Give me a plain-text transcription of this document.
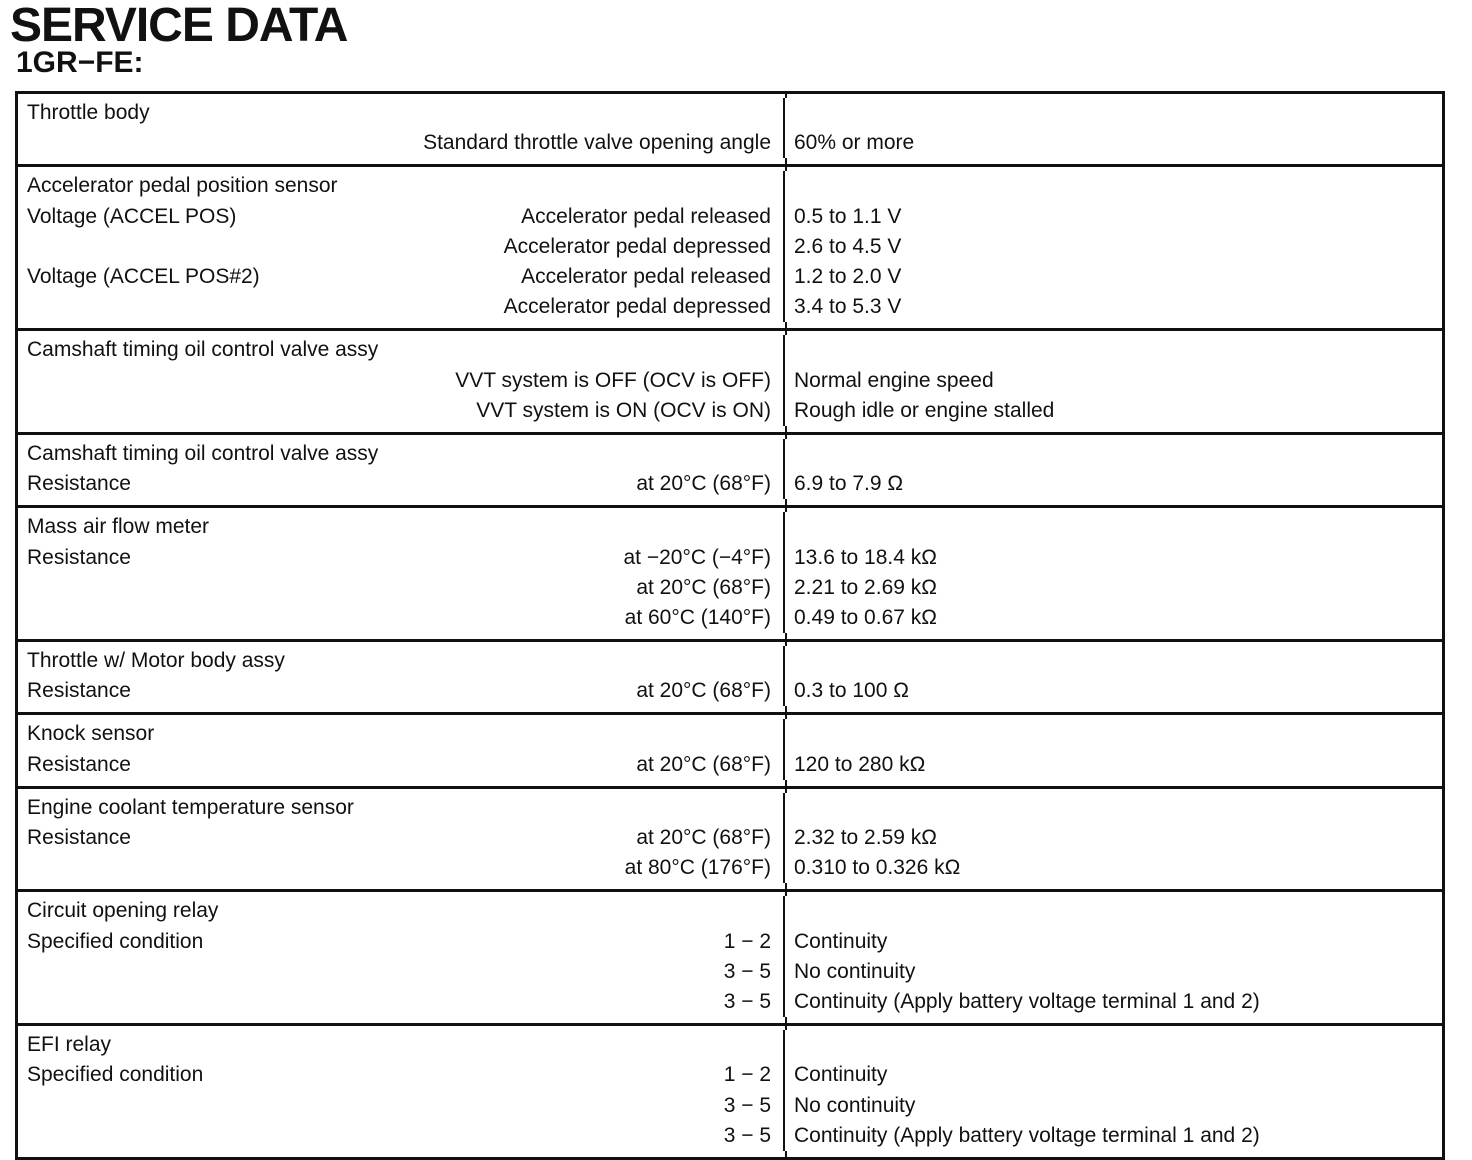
SERVICE DATA
1GR−FE:
Throttle body
Standard throttle valve opening angle 60% or more
Accelerator pedal position sensor
Voltage (ACCEL POS)	Accelerator pedal released 0.5 to 1.1 V
Accelerator pedal depressed 2.6 to 4.5 V
Voltage (ACCEL POS#2)	Accelerator pedal released 1.2 to 2.0 V
Accelerator pedal depressed 3.4 to 5.3 V
Camshaft timing oil control valve assy
VVT system is OFF (OCV is OFF) Normal engine speed
VVT system is ON (OCV is ON) Rough idle or engine stalled
Camshaft timing oil control valve assy
Resistance	at 20°C (68°F) 6.9 to 7.9 Ω
Mass air flow meter
Resistance	at −20°C (−4°F) 13.6 to 18.4 kΩ
at 20°C (68°F) 2.21 to 2.69 kΩ
at 60°C (140°F) 0.49 to 0.67 kΩ
Throttle w/ Motor body assy
Resistance	at 20°C (68°F) 0.3 to 100 Ω
Knock sensor
Resistance	at 20°C (68°F) 120 to 280 kΩ
Engine coolant temperature sensor
Resistance	at 20°C (68°F) 2.32 to 2.59 kΩ
at 80°C (176°F) 0.310 to 0.326 kΩ
Circuit opening relay
Specified condition	1 − 2 Continuity
3 − 5 No continuity
3 − 5 Continuity (Apply battery voltage terminal 1 and 2)
EFI relay
Specified condition	1 − 2 Continuity
3 − 5 No continuity
3 − 5 Continuity (Apply battery voltage terminal 1 and 2)
